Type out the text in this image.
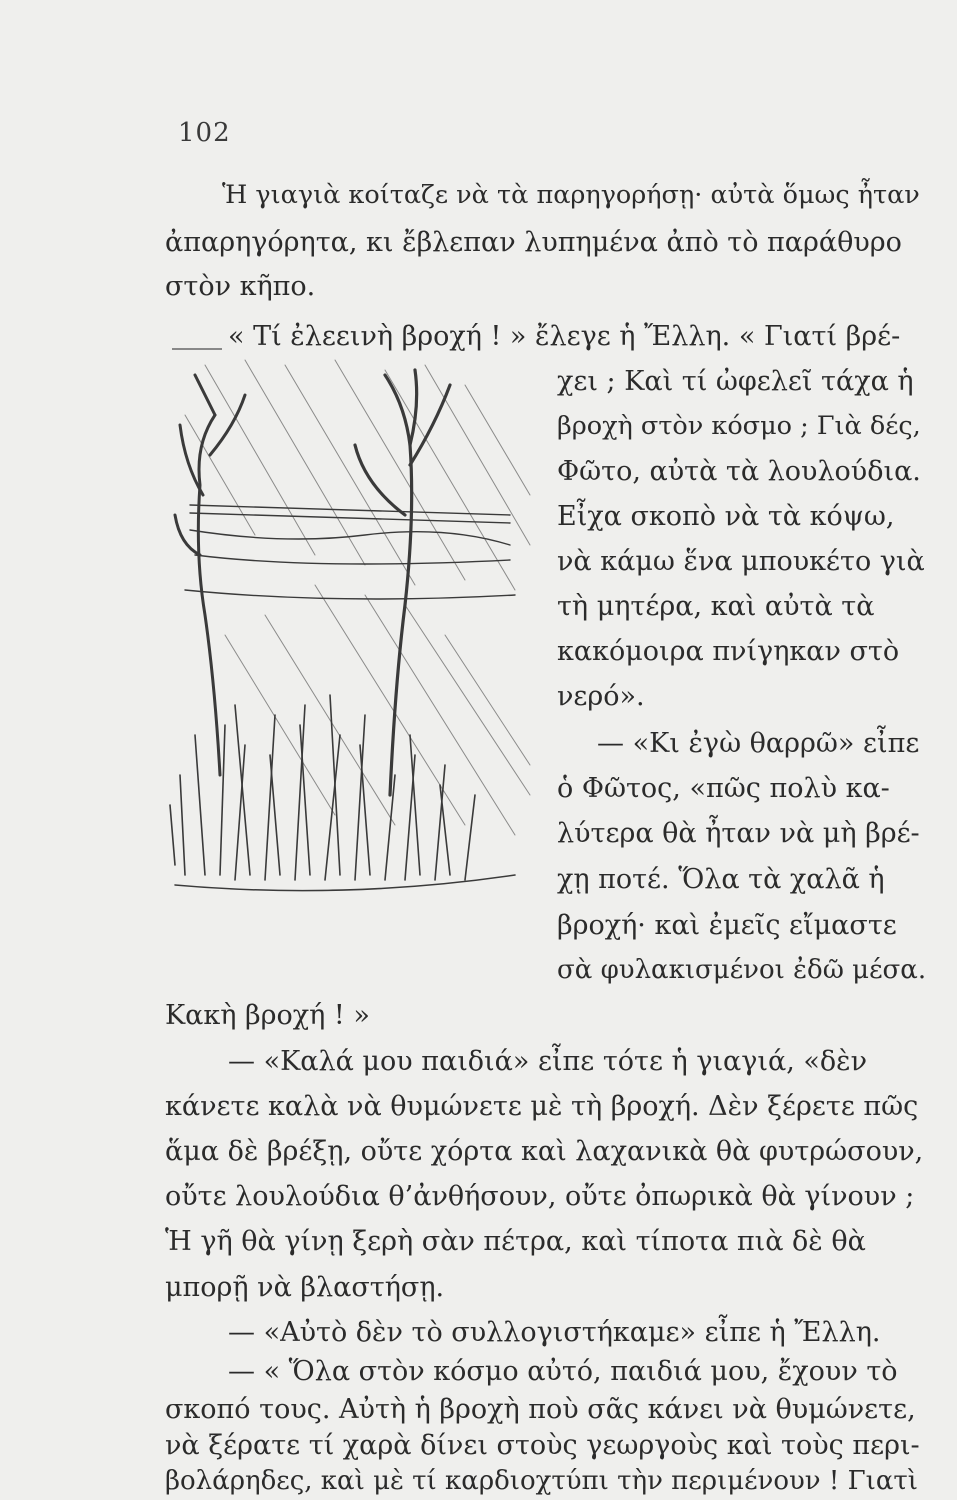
102
Ἡ γιαγιὰ κοίταζε νὰ τὰ παρηγορήσῃ· αὐτὰ ὅμως ἦταν
ἀπαρηγόρητα, κι ἔβλεπαν λυπημένα ἀπὸ τὸ παράθυρο
στὸν κῆπο.
« Τί ἐλεεινὴ βροχή ! » ἔλεγε ἡ Ἔλλη. « Γιατί βρέ-
χει ; Καὶ τί ὠφελεῖ τάχα ἡ
βροχὴ στὸν κόσμο ; Γιὰ δές,
Φῶτο, αὐτὰ τὰ λουλούδια.
Εἶχα σκοπὸ νὰ τὰ κόψω,
νὰ κάμω ἕνα μπουκέτο γιὰ
τὴ μητέρα, καὶ αὐτὰ τὰ
κακόμοιρα πνίγηκαν στὸ
νερό».
— «Κι ἐγὼ θαρρῶ» εἶπε
ὁ Φῶτος, «πῶς πολὺ κα-
λύτερα θὰ ἦταν νὰ μὴ βρέ-
χῃ ποτέ. Ὅλα τὰ χαλᾶ ἡ
βροχή· καὶ ἐμεῖς εἴμαστε
σὰ φυλακισμένοι ἐδῶ μέσα.
Κακὴ βροχή ! »
— «Καλά μου παιδιά» εἶπε τότε ἡ γιαγιά, «δὲν
κάνετε καλὰ νὰ θυμώνετε μὲ τὴ βροχή. Δὲν ξέρετε πῶς
ἅμα δὲ βρέξῃ, οὔτε χόρτα καὶ λαχανικὰ θὰ φυτρώσουν,
οὔτε λουλούδια θ’ἀνθήσουν, οὔτε ὀπωρικὰ θὰ γίνουν ;
Ἡ γῆ θὰ γίνῃ ξερὴ σὰν πέτρα, καὶ τίποτα πιὰ δὲ θὰ
μπορῇ νὰ βλαστήσῃ.
— «Αὐτὸ δὲν τὸ συλλογιστήκαμε» εἶπε ἡ Ἔλλη.
— « Ὅλα στὸν κόσμο αὐτό, παιδιά μου, ἔχουν τὸ
σκοπό τους. Αὐτὴ ἡ βροχὴ ποὺ σᾶς κάνει νὰ θυμώνετε,
νὰ ξέρατε τί χαρὰ δίνει στοὺς γεωργοὺς καὶ τοὺς περι-
βολάρηδες, καὶ μὲ τί καρδιοχτύπι τὴν περιμένουν ! Γιατὶ
